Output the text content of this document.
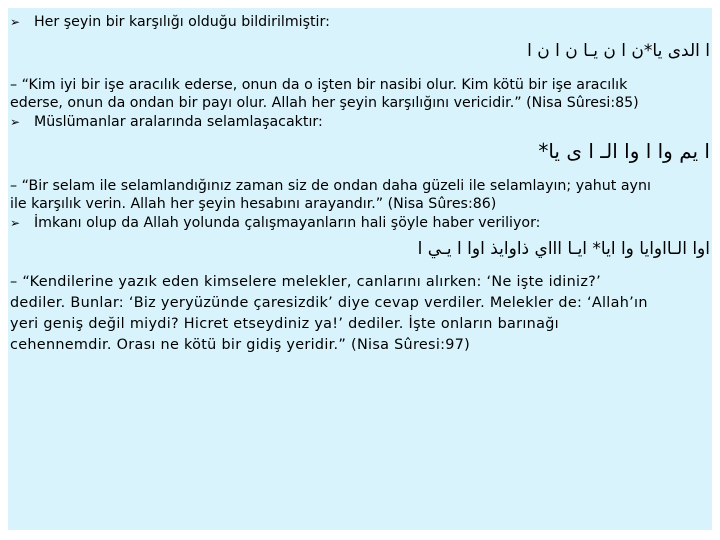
➢ Her şeyin bir karşılığı olduğu bildirilmiştir:
ا الدى يا*ن ا ن يـا ن ا ن ا
– “Kim iyi bir işe aracılık ederse, onun da o işten bir nasibi olur. Kim kötü bir işe aracılık
ederse, onun da ondan bir payı olur. Allah her şeyin karşılığını vericidir.” (Nisa Sûresi:85)
➢ Müslümanlar aralarında selamlaşacaktır:
ا يم وا ا وا الـ ا ى يا*
– “Bir selam ile selamlandığınız zaman siz de ondan daha güzeli ile selamlayın; yahut aynı
ile karşılık verin. Allah her şeyin hesabını arayandır.” (Nisa Sûres:86)
➢ İmkanı olup da Allah yolunda çalışmayanların hali şöyle haber veriliyor:
اوا الـااوايا وا ايا* ايـا اااي ذاوايذ اوا ا يـي ا
– “Kendilerine yazık eden kimselere melekler, canlarını alırken: ‘Ne işte idiniz?’
dediler. Bunlar: ‘Biz yeryüzünde çaresizdik’ diye cevap verdiler. Melekler de: ‘Allah’ın
yeri geniş değil miydi? Hicret etseydiniz ya!’ dediler. İşte onların barınağı
cehennemdir. Orası ne kötü bir gidiş yeridir.” (Nisa Sûresi:97)
